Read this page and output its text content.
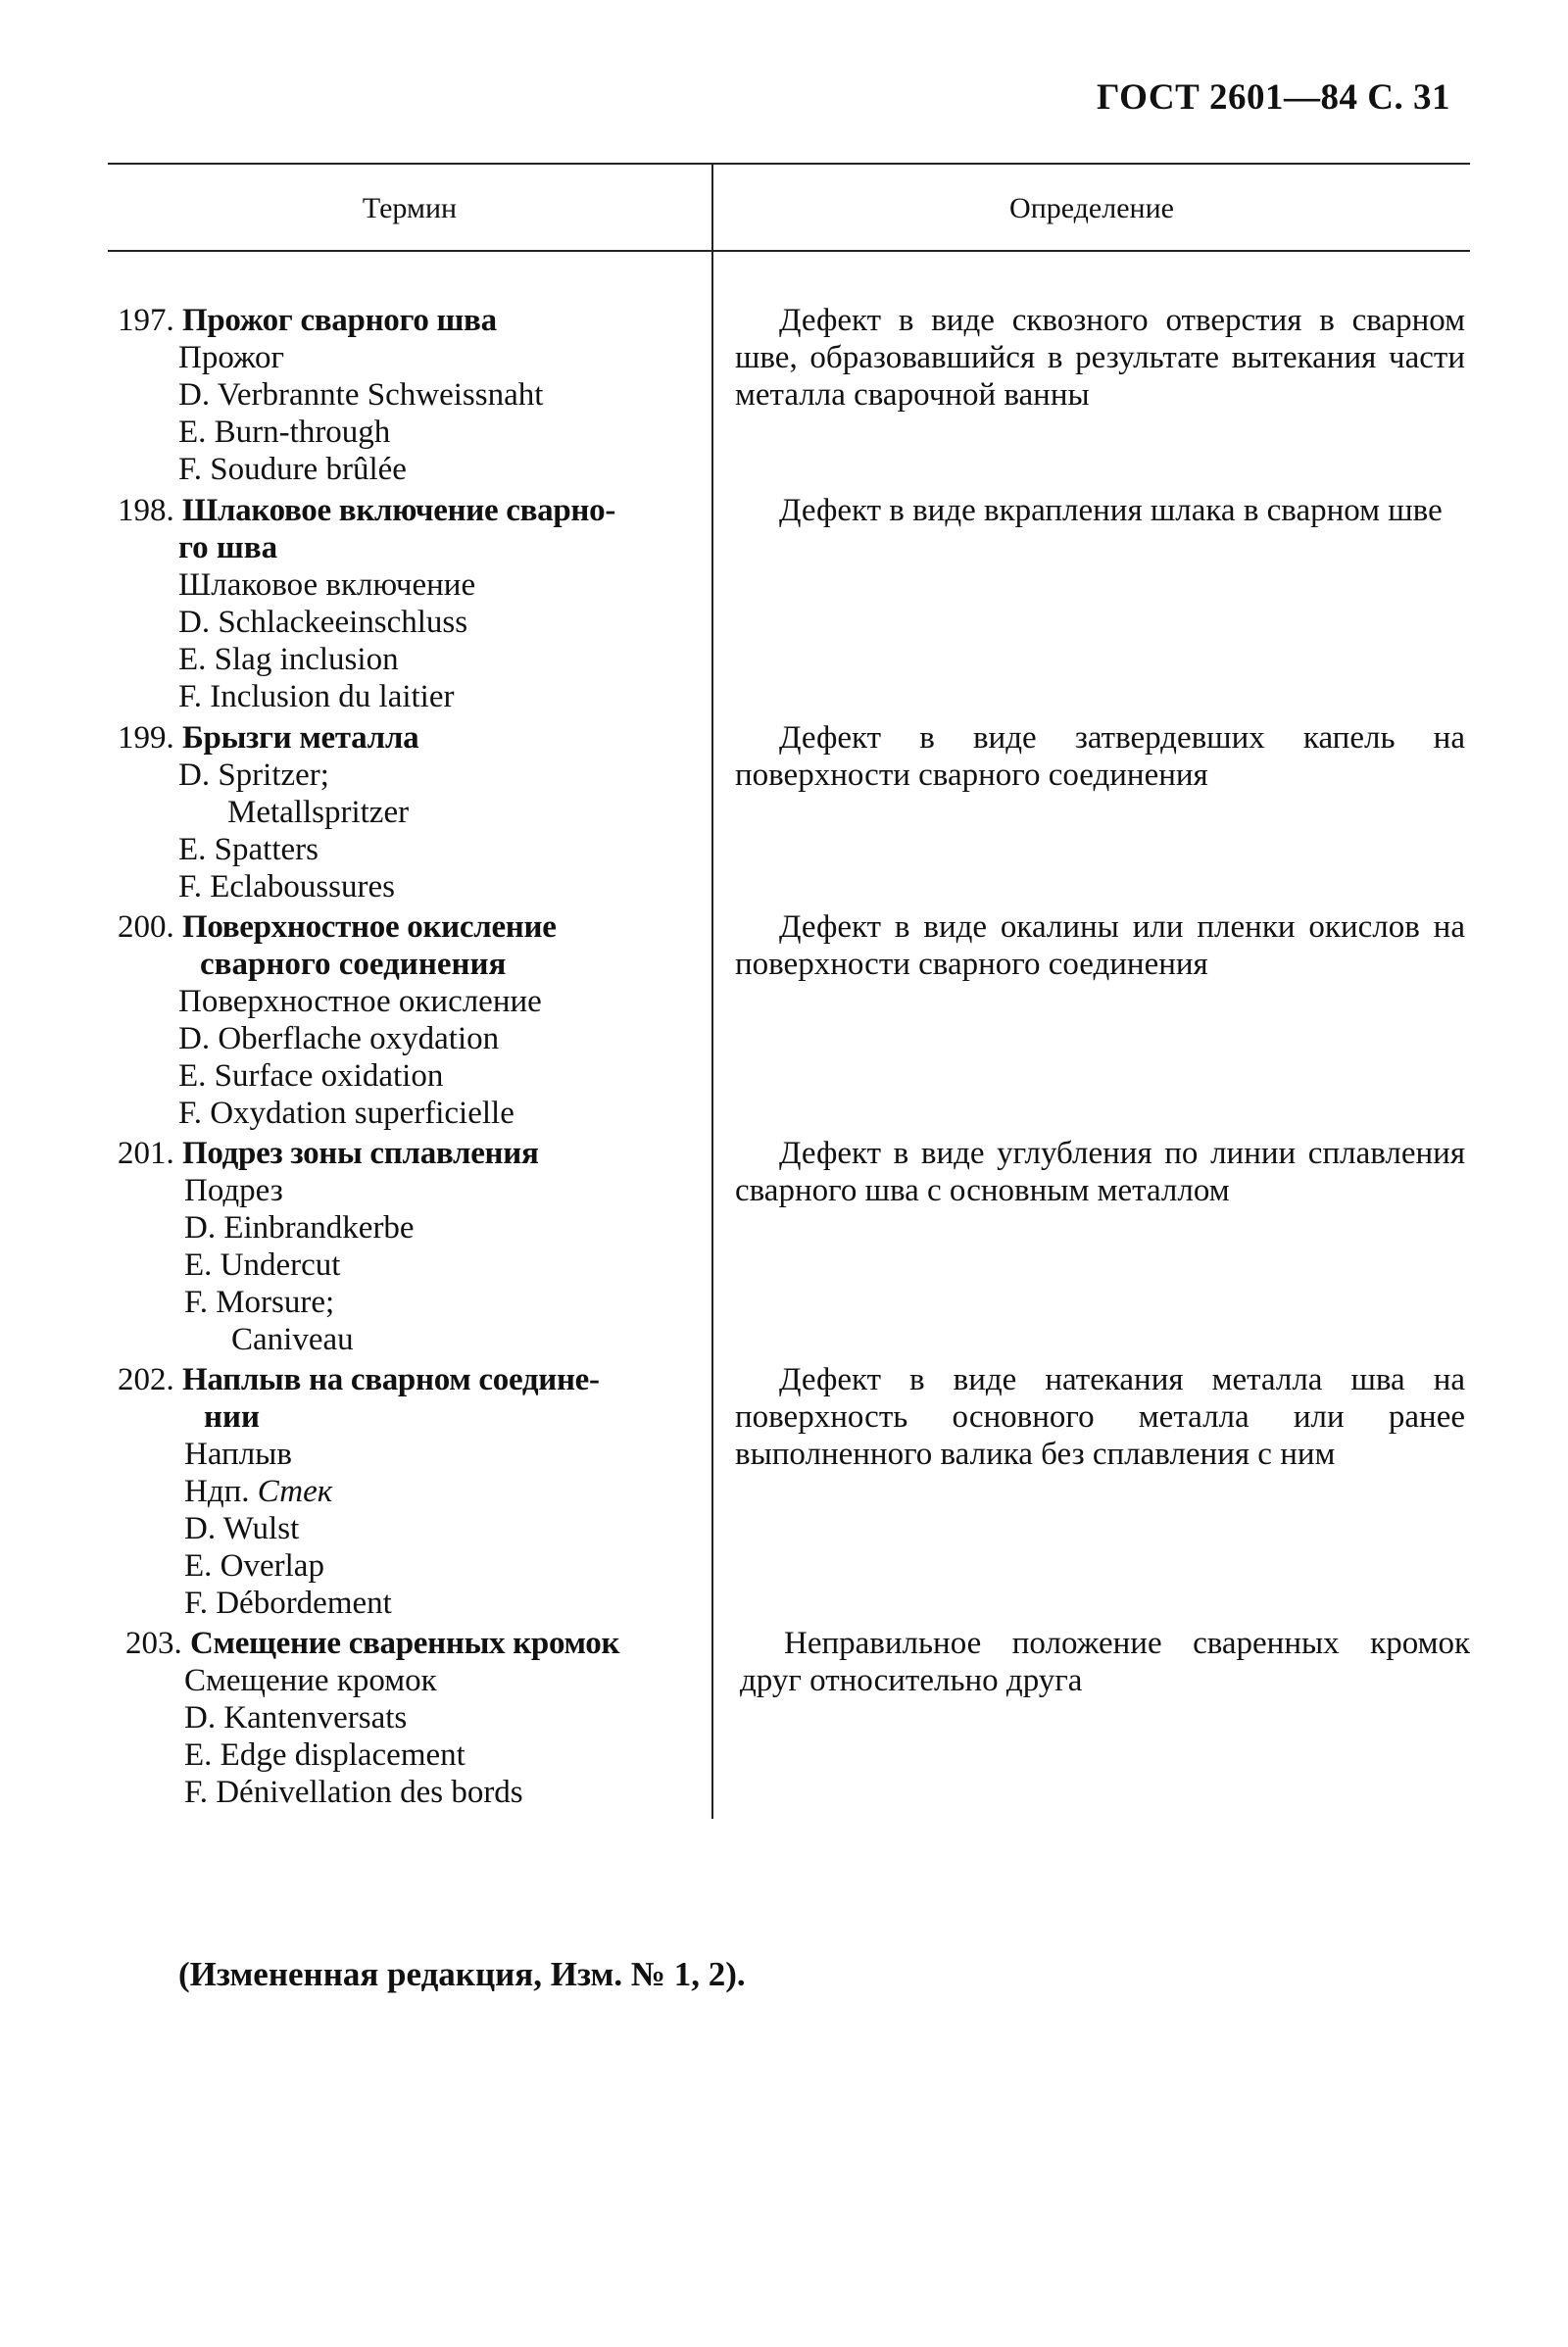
ГОСТ 2601—84 С. 31
Термин	Определение
197. Прожог сварного шва
Прожог
D. Verbrannte Schweissnaht
E. Burn-through
F. Soudure brûlée
Дефект в виде сквозного отверстия в сварном шве, образовавшийся в результате вытекания части металла сварочной ванны
198. Шлаковое включение сварно-
го шва
Шлаковое включение
D. Schlackeeinschluss
E. Slag inclusion
F. Inclusion du laitier
Дефект в виде вкрапления шлака в сварном шве
199. Брызги металла
D. Spritzer;
Metallspritzer
E. Spatters
F. Eclaboussures
Дефект в виде затвердевших капель на поверхности сварного соединения
200. Поверхностное окисление
сварного соединения
Поверхностное окисление
D. Oberflache oxydation
E. Surface oxidation
F. Oxydation superficielle
Дефект в виде окалины или пленки окислов на поверхности сварного соединения
201. Подрез зоны сплавления
Подрез
D. Einbrandkerbe
E. Undercut
F. Morsure;
Caniveau
Дефект в виде углубления по линии сплавления сварного шва с основным металлом
202. Наплыв на сварном соедине-
нии
Наплыв
Ндп. Стек
D. Wulst
E. Overlap
F. Débordement
Дефект в виде натекания металла шва на поверхность основного металла или ранее выполненного валика без сплавления с ним
203. Смещение сваренных кромок
Смещение кромок
D. Kantenversats
E. Edge displacement
F. Dénivellation des bords
Неправильное положение сваренных кромок друг относительно друга
(Измененная редакция, Изм. № 1, 2).
